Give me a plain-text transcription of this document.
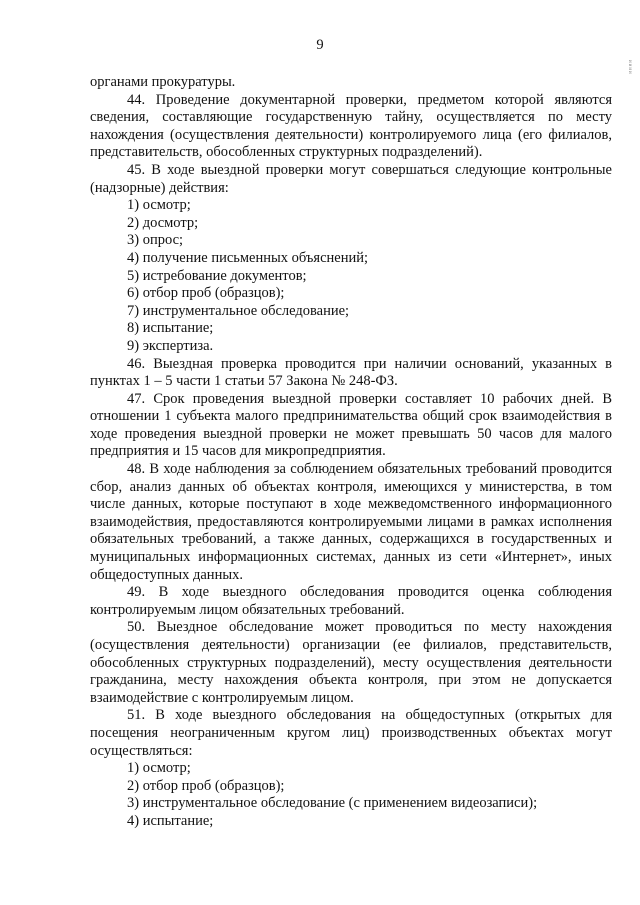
9
ииии

органами прокуратуры.

44. Проведение документарной проверки, предметом которой являются сведения, составляющие государственную тайну, осуществляется по месту нахождения (осуществления деятельности) контролируемого лица (его филиалов, представительств, обособленных структурных подразделений).

45. В ходе выездной проверки могут совершаться следующие контрольные (надзорные) действия:

1) осмотр;

2) досмотр;

3) опрос;

4) получение письменных объяснений;

5) истребование документов;

6) отбор проб (образцов);

7) инструментальное обследование;

8) испытание;

9) экспертиза.

46. Выездная проверка проводится при наличии оснований, указанных в пунктах 1 – 5 части 1 статьи 57 Закона № 248-ФЗ.

47. Срок проведения выездной проверки составляет 10 рабочих дней. В отношении 1 субъекта малого предпринимательства общий срок взаимодействия в ходе проведения выездной проверки не может превышать 50 часов для малого предприятия и 15 часов для микропредприятия.

48. В ходе наблюдения за соблюдением обязательных требований проводится сбор, анализ данных об объектах контроля, имеющихся у министерства, в том числе данных, которые поступают в ходе межведомственного информационного взаимодействия, предоставляются контролируемыми лицами в рамках исполнения обязательных требований, а также данных, содержащихся в государственных и муниципальных информационных системах, данных из сети «Интернет», иных общедоступных данных.

49. В ходе выездного обследования проводится оценка соблюдения контролируемым лицом обязательных требований.

50. Выездное обследование может проводиться по месту нахождения (осуществления деятельности) организации (ее филиалов, представительств, обособленных структурных подразделений), месту осуществления деятельности гражданина, месту нахождения объекта контроля, при этом не допускается взаимодействие с контролируемым лицом.

51. В ходе выездного обследования на общедоступных (открытых для посещения неограниченным кругом лиц) производственных объектах могут осуществляться:

1) осмотр;

2) отбор проб (образцов);

3) инструментальное обследование (с применением видеозаписи);

4) испытание;
